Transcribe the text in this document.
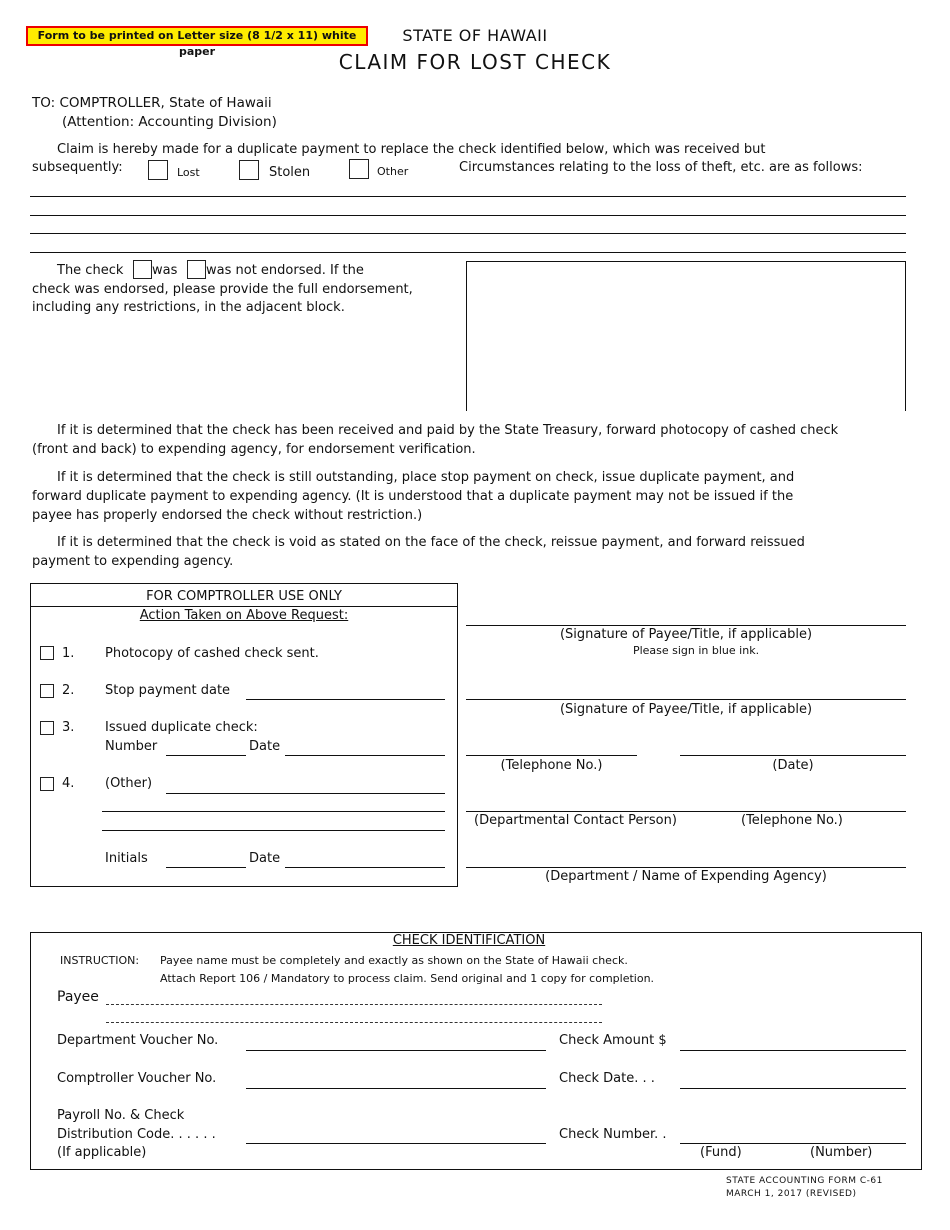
Form to be printed on Letter size (8 1/2 x 11) white paper
STATE OF HAWAII
CLAIM FOR LOST CHECK
TO: COMPTROLLER, State of Hawaii
(Attention: Accounting Division)
Claim is hereby made for a duplicate payment to replace the check identified below, which was received but
subsequently:	Lost	Stolen	Other	Circumstances relating to the loss of theft, etc. are as follows:
The check was was not endorsed. If the
check was endorsed, please provide the full endorsement,
including any restrictions, in the adjacent block.

If it is determined that the check has been received and paid by the State Treasury, forward photocopy of cashed check (front and back) to expending agency, for endorsement verification.

If it is determined that the check is still outstanding, place stop payment on check, issue duplicate payment, and forward duplicate payment to expending agency. (It is understood that a duplicate payment may not be issued if the payee has properly endorsed the check without restriction.)

If it is determined that the check is void as stated on the face of the check, reissue payment, and forward reissued payment to expending agency.

FOR COMPTROLLER USE ONLY
Action Taken on Above Request:
1. Photocopy of cashed check sent.
2. Stop payment date
3. Issued duplicate check:
Number	Date
4. (Other)
Initials	Date
(Signature of Payee/Title, if applicable)
Please sign in blue ink.
(Signature of Payee/Title, if applicable)
(Telephone No.)	(Date)
(Departmental Contact Person)	(Telephone No.)
(Department / Name of Expending Agency)
CHECK IDENTIFICATION
INSTRUCTION: Payee name must be completely and exactly as shown on the State of Hawaii check.
Attach Report 106 / Mandatory to process claim. Send original and 1 copy for completion.
Payee
Department Voucher No.	Check Amount $
Comptroller Voucher No.	Check Date. . .
Payroll No. & Check
Distribution Code. . . . . .
(If applicable)
Check Number. .
(Fund)	(Number)
STATE ACCOUNTING FORM C-61
MARCH 1, 2017 (REVISED)
